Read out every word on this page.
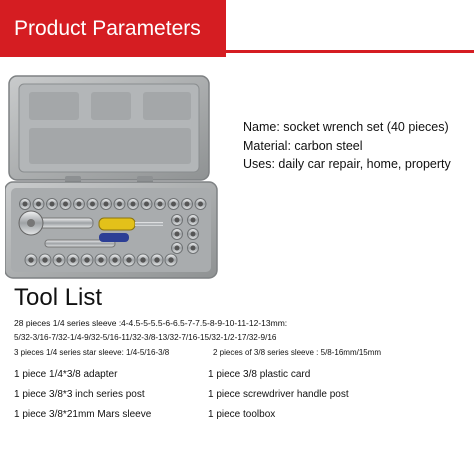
Product Parameters
Name: socket wrench set (40 pieces)
Material: carbon steel
Uses: daily car repair, home, property
Tool List
28 pieces 1/4 series sleeve : 4-4.5-5-5.5-6-6.5-7-7.5-8-9-10-11-12-13mm:
5/32-3/16-7/32-1/4-9/32-5/16-11/32-3/8-13/32-7/16-15/32-1/2-17/32-9/16
3 pieces 1/4 series star sleeve: 1/4-5/16-3/8	2 pieces of 3/8 series sleeve : 5/8-16mm/15mm
1 piece 1/4*3/8 adapter
1 piece 3/8*3 inch series post
1 piece 3/8*21mm Mars sleeve
1 piece 3/8 plastic card
1 piece screwdriver handle post
1 piece toolbox
